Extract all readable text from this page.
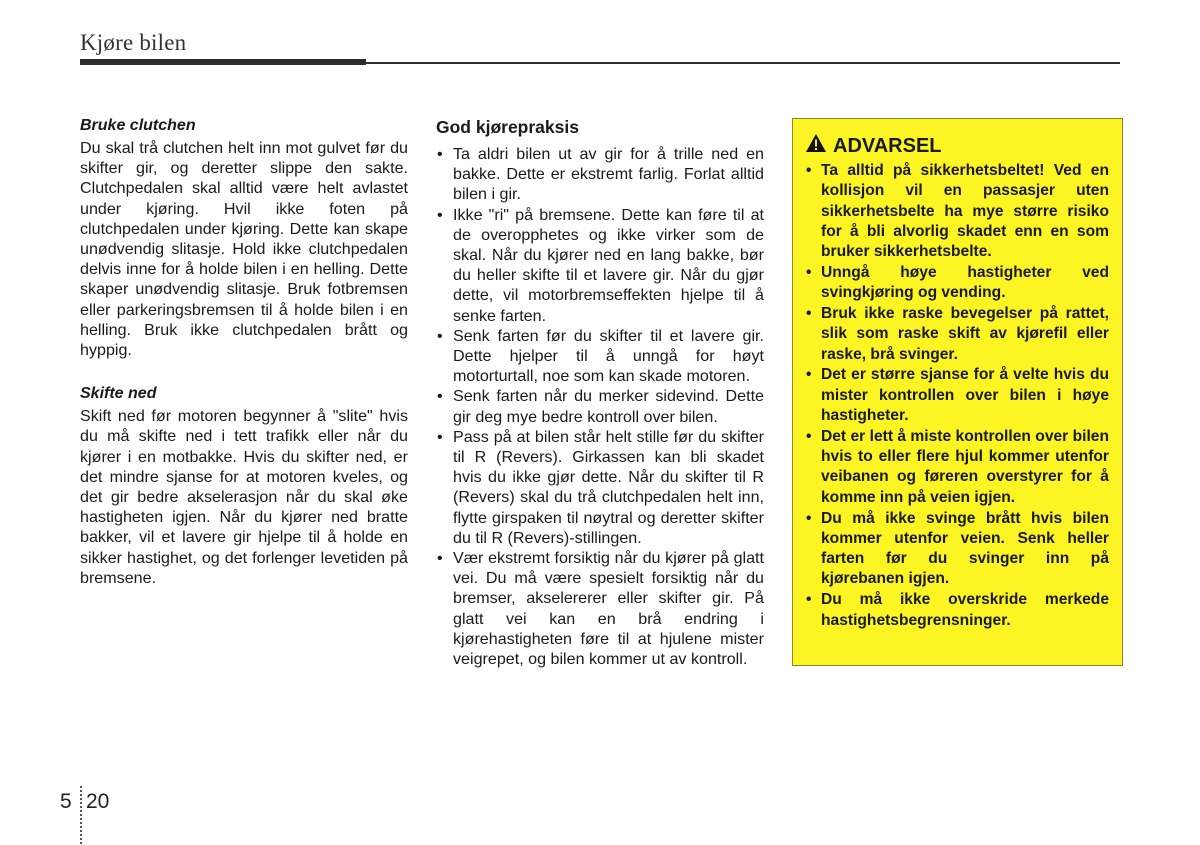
Kjøre bilen
Bruke clutchen

Du skal trå clutchen helt inn mot gulvet før du skifter gir, og deretter slippe den sakte. Clutchpedalen skal alltid være helt avlastet under kjøring. Hvil ikke foten på clutchpedalen under kjøring. Dette kan skape unødvendig slitasje. Hold ikke clutchpedalen delvis inne for å holde bilen i en helling. Dette skaper unødvendig slitasje. Bruk fotbremsen eller parkeringsbremsen til å holde bilen i en helling. Bruk ikke clutchpedalen brått og hyppig.

Skifte ned

Skift ned før motoren begynner å "slite" hvis du må skifte ned i tett trafikk eller når du kjører i en motbakke. Hvis du skifter ned, er det mindre sjanse for at motoren kveles, og det gir bedre akselerasjon når du skal øke hastigheten igjen. Når du kjører ned bratte bakker, vil et lavere gir hjelpe til å holde en sikker hastighet, og det forlenger levetiden på bremsene.

God kjørepraksis
• Ta aldri bilen ut av gir for å trille ned en bakke. Dette er ekstremt farlig. Forlat alltid bilen i gir.
• Ikke "ri" på bremsene. Dette kan føre til at de overopphetes og ikke virker som de skal. Når du kjører ned en lang bakke, bør du heller skifte til et lavere gir. Når du gjør dette, vil motorbremseffekten hjelpe til å senke farten.
• Senk farten før du skifter til et lavere gir. Dette hjelper til å unngå for høyt motorturtall, noe som kan skade motoren.
• Senk farten når du merker sidevind. Dette gir deg mye bedre kontroll over bilen.
• Pass på at bilen står helt stille før du skifter til R (Revers). Girkassen kan bli skadet hvis du ikke gjør dette. Når du skifter til R (Revers) skal du trå clutchpedalen helt inn, flytte girspaken til nøytral og deretter skifter du til R (Revers)-stillingen.
• Vær ekstremt forsiktig når du kjører på glatt vei. Du må være spesielt forsiktig når du bremser, akselererer eller skifter gir. På glatt vei kan en brå endring i kjørehastigheten føre til at hjulene mister veigrepet, og bilen kommer ut av kontroll.
ADVARSEL
• Ta alltid på sikkerhetsbeltet! Ved en kollisjon vil en passasjer uten sikkerhetsbelte ha mye større risiko for å bli alvorlig skadet enn en som bruker sikkerhetsbelte.
• Unngå høye hastigheter ved svingkjøring og vending.
• Bruk ikke raske bevegelser på rattet, slik som raske skift av kjørefil eller raske, brå svinger.
• Det er større sjanse for å velte hvis du mister kontrollen over bilen i høye hastigheter.
• Det er lett å miste kontrollen over bilen hvis to eller flere hjul kommer utenfor veibanen og føreren overstyrer for å komme inn på veien igjen.
• Du må ikke svinge brått hvis bilen kommer utenfor veien. Senk heller farten før du svinger inn på kjørebanen igjen.
• Du må ikke overskride merkede hastighetsbegrensninger.
5 20
